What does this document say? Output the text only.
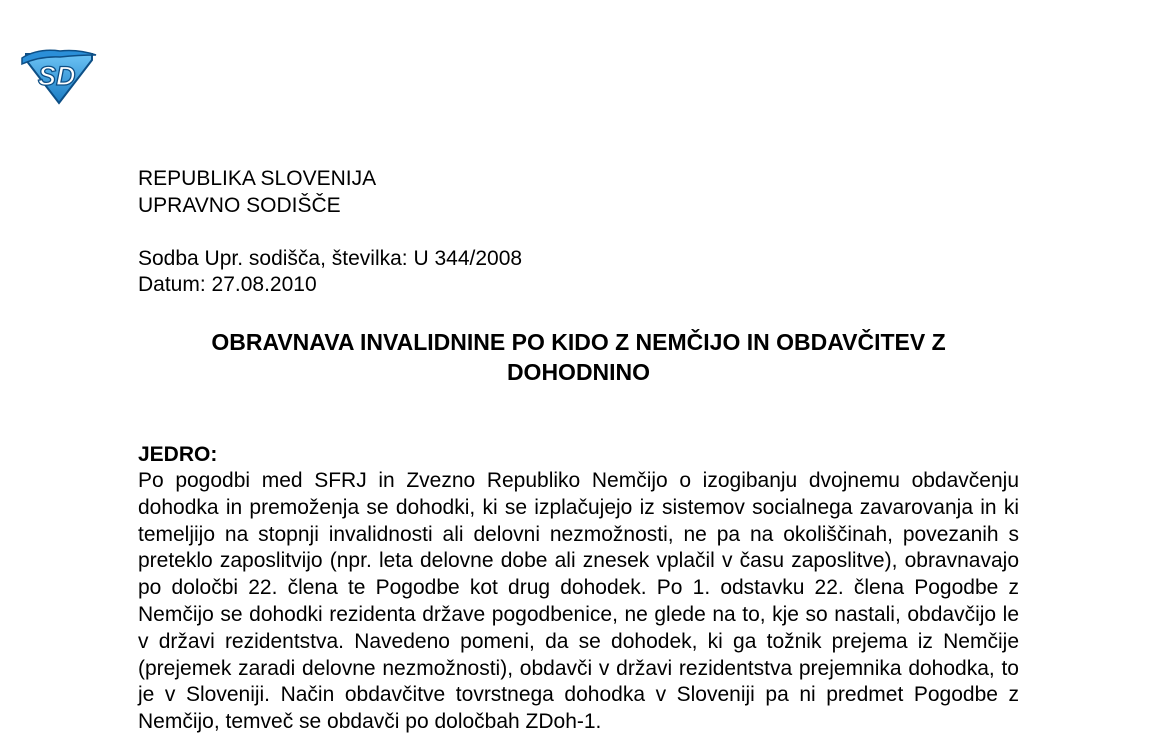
S D
REPUBLIKA SLOVENIJA
UPRAVNO SODIŠČE
Sodba Upr. sodišča, številka: U 344/2008
Datum: 27.08.2010
OBRAVNAVA INVALIDNINE PO KIDO Z NEMČIJO IN OBDAVČITEV Z DOHODNINO
JEDRO:

Po pogodbi med SFRJ in Zvezno Republiko Nemčijo o izogibanju dvojnemu obdavčenju dohodka in premoženja se dohodki, ki se izplačujejo iz sistemov socialnega zavarovanja in ki temeljijo na stopnji invalidnosti ali delovni nezmožnosti, ne pa na okoliščinah, povezanih s preteklo zaposlitvijo (npr. leta delovne dobe ali znesek vplačil v času zaposlitve), obravnavajo po določbi 22. člena te Pogodbe kot drug dohodek. Po 1. odstavku 22. člena Pogodbe z Nemčijo se dohodki rezidenta države pogodbenice, ne glede na to, kje so nastali, obdavčijo le v državi rezidentstva. Navedeno pomeni, da se dohodek, ki ga tožnik prejema iz Nemčije (prejemek zaradi delovne nezmožnosti), obdavči v državi rezidentstva prejemnika dohodka, to je v Sloveniji. Način obdavčitve tovrstnega dohodka v Sloveniji pa ni predmet Pogodbe z Nemčijo, temveč se obdavči po določbah ZDoh-1.
